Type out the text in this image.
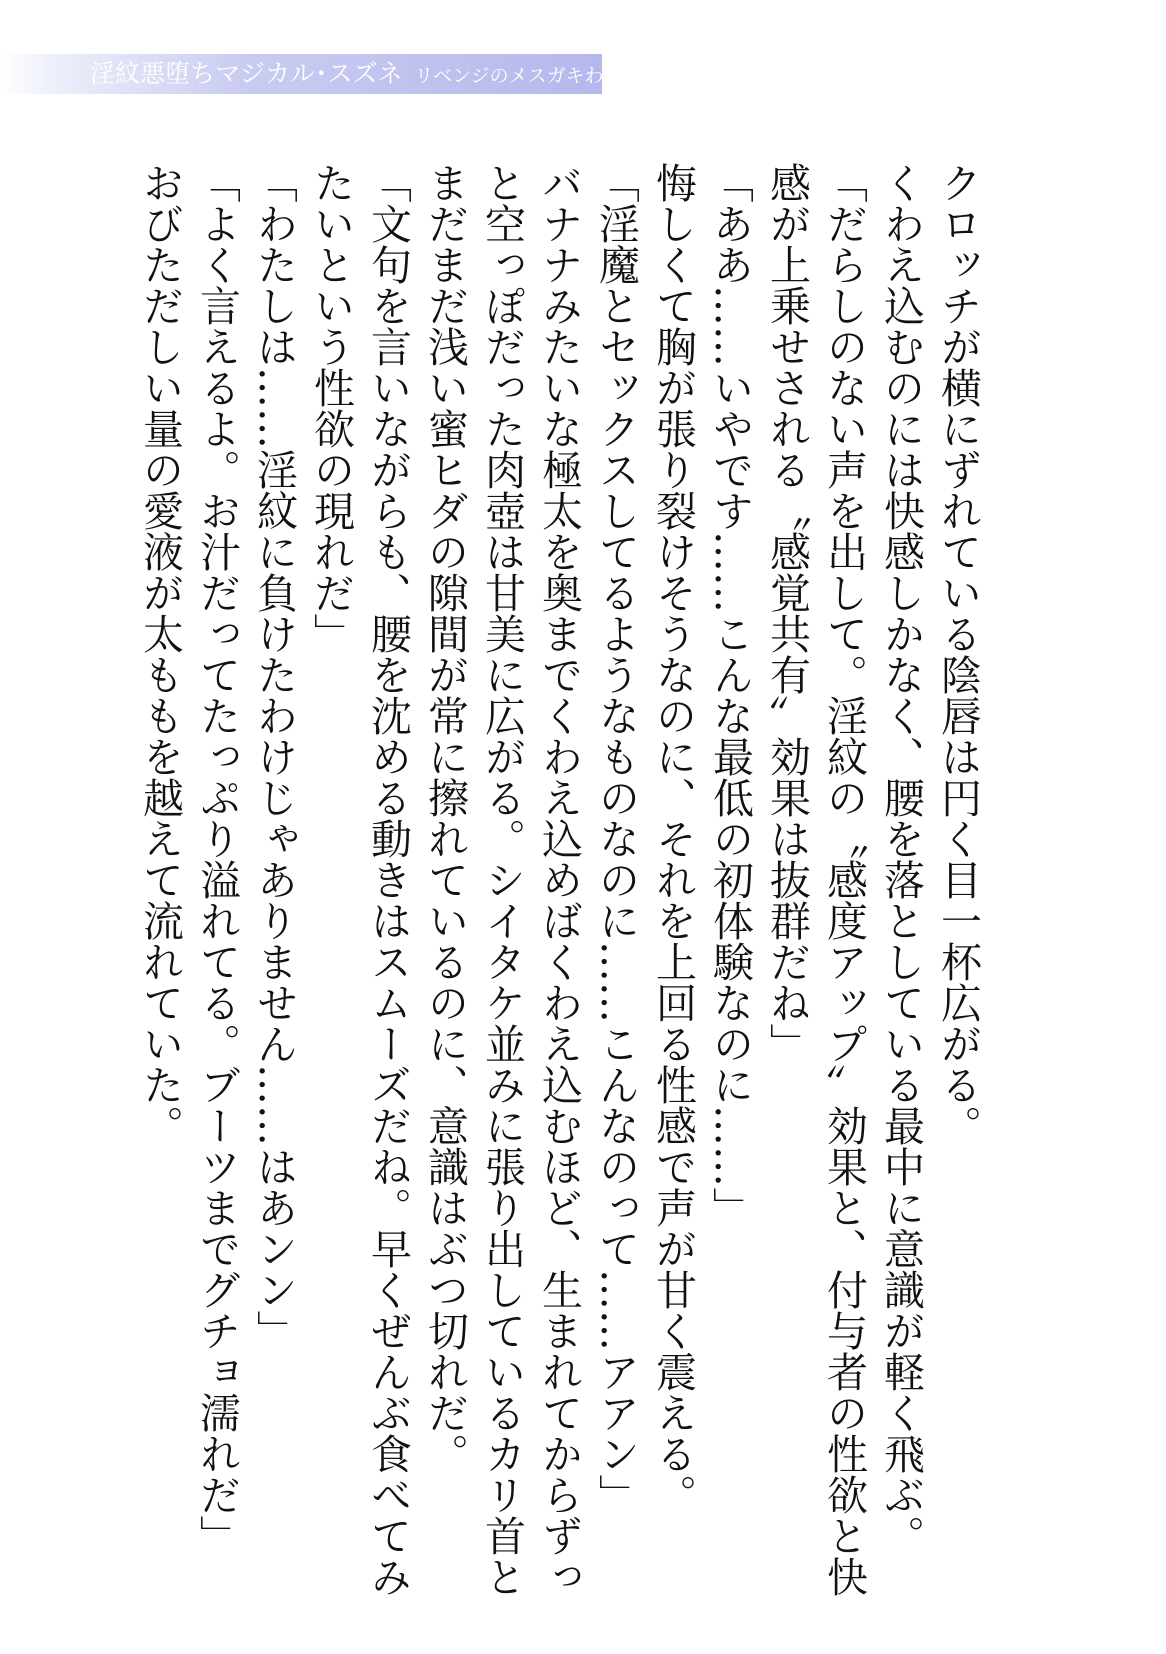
淫紋悪堕ちマジカル･スズネ リベンジのメスガキわからせ

クロッチが横にずれている陰唇は円く目一杯広がる。

くわえ込むのには快感しかなく、腰を落としている最中に意識が軽く飛ぶ。

「だらしのない声を出して。淫紋の〝感度アップ〟効果と、付与者の性欲と快感が上乗せされる〝感覚共有〟効果は抜群だね」

「ああ……いやです……こんな最低の初体験なのに……」

悔しくて胸が張り裂けそうなのに、それを上回る性感で声が甘く震える。

「淫魔とセックスしてるようなものなのに……こんなのって……アアン」

バナナみたいな極太を奥までくわえ込めばくわえ込むほど、生まれてからずっと空っぽだった肉壺は甘美に広がる。シイタケ並みに張り出しているカリ首とまだまだ浅い蜜ヒダの隙間が常に擦れているのに、意識はぶつ切れだ。

「文句を言いながらも、腰を沈める動きはスムーズだね。早くぜんぶ食べてみたいという性欲の現れだ」

「わたしは……淫紋に負けたわけじゃありません……はあンン」

「よく言えるよ。お汁だってたっぷり溢れてる。ブーツまでグチョ濡れだ」

おびただしい量の愛液が太ももを越えて流れていた。
